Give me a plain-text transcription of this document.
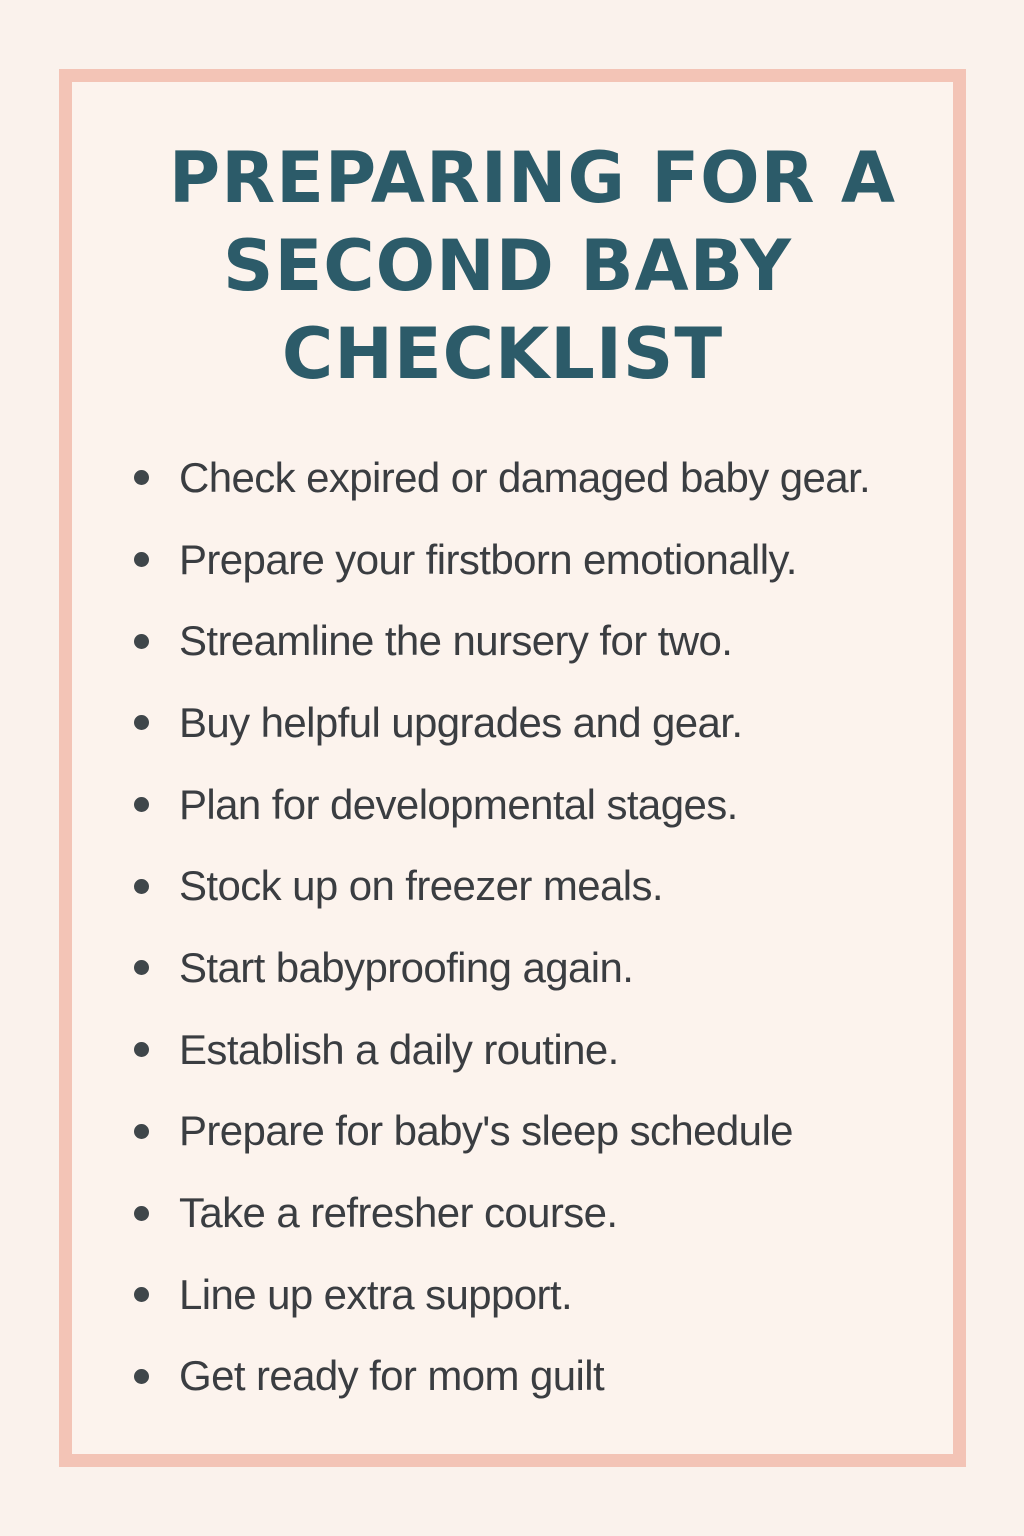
PREPARING FOR A
SECOND BABY
CHECKLIST
Check expired or damaged baby gear.
Prepare your firstborn emotionally.
Streamline the nursery for two.
Buy helpful upgrades and gear.
Plan for developmental stages.
Stock up on freezer meals.
Start babyproofing again.
Establish a daily routine.
Prepare for baby's sleep schedule
Take a refresher course.
Line up extra support.
Get ready for mom guilt
